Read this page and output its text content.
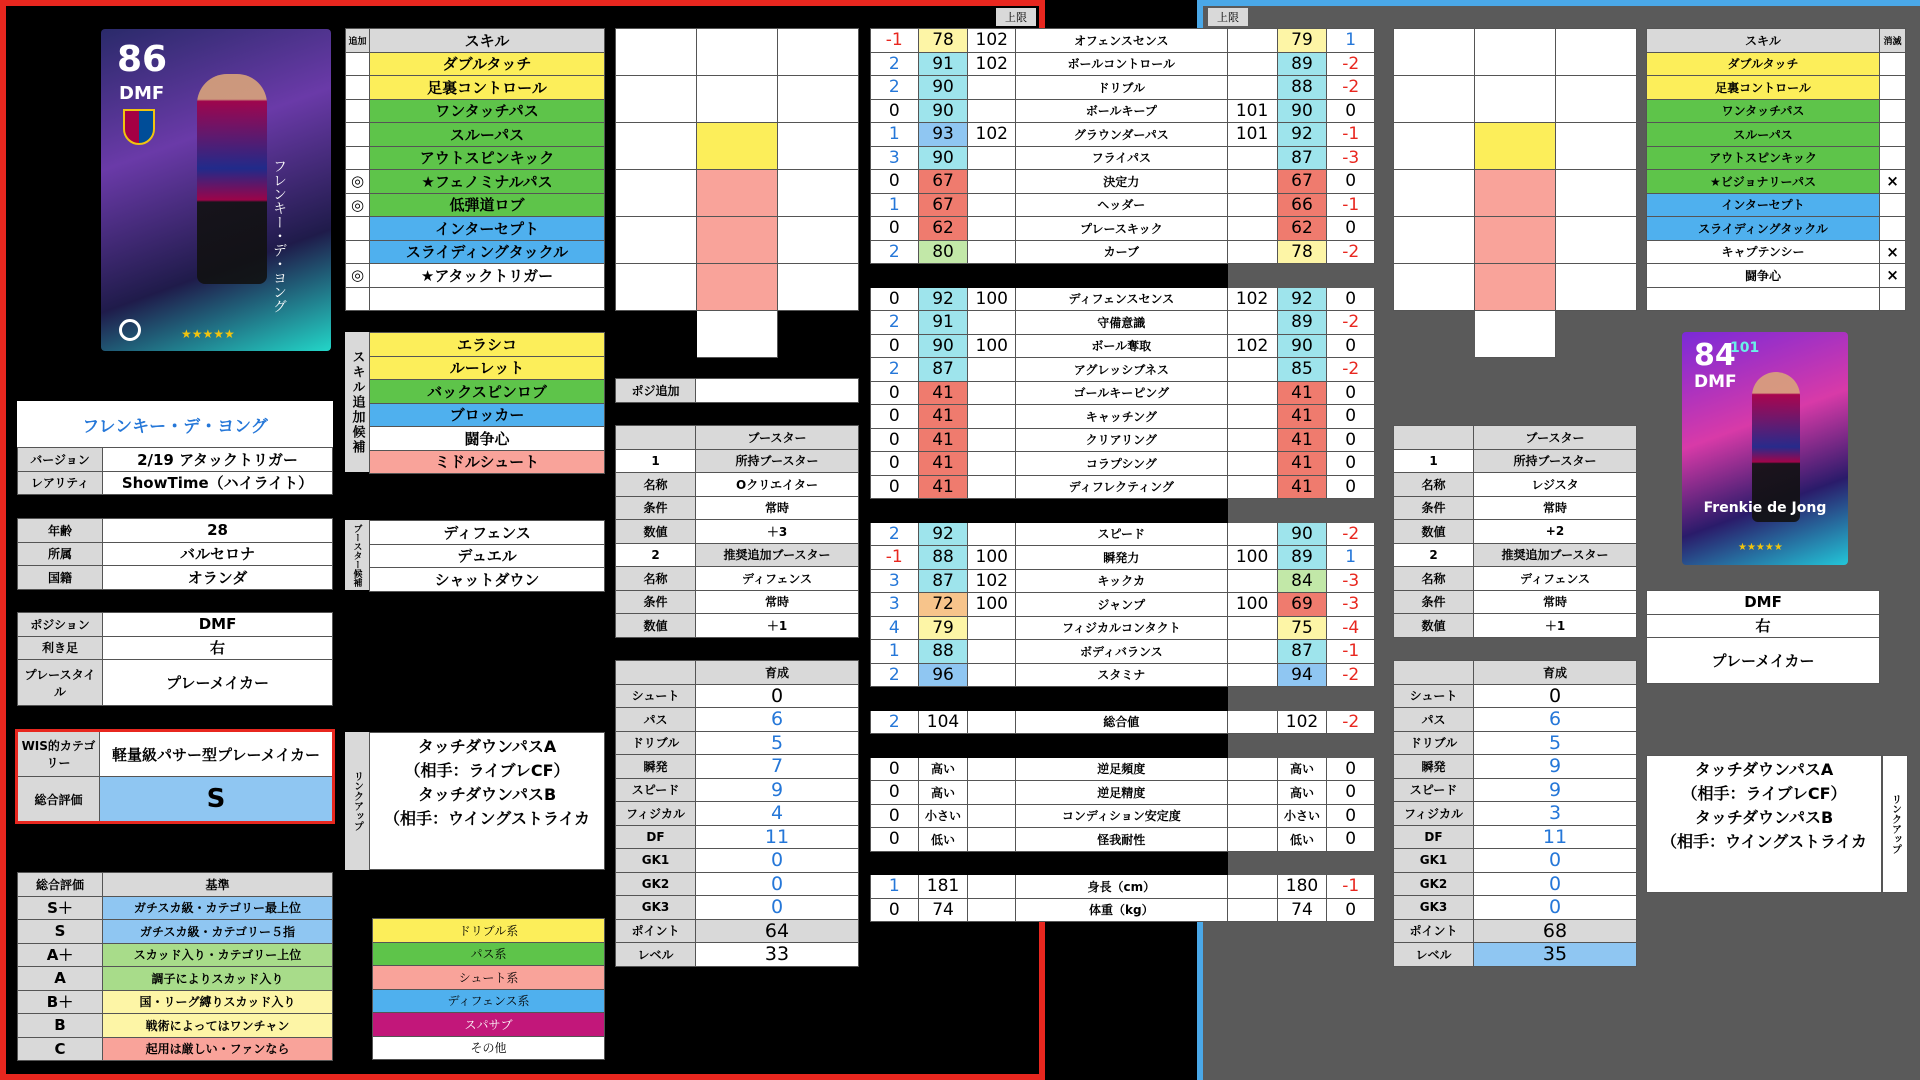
86
DMF
フレンキー・デ・ヨング
★★★★★
フレンキー・デ・ヨング
バージョン	2/19 アタックトリガー
レアリティ	ShowTime（ハイライト）
年齢	28
所属	バルセロナ
国籍	オランダ
ポジション	DMF
利き足	右
プレースタイル	プレーメイカー
WIS的カテゴリー	軽量級パサー型プレーメイカー
総合評価	S
総合評価	基準
S＋	ガチスカ級・カテゴリー最上位
S	ガチスカ級・カテゴリー５指
A＋	スカッド入り・カテゴリー上位
A	調子によりスカッド入り
B＋	国・リーグ縛りスカッド入り
B	戦術によってはワンチャン
C	起用は厳しい・ファンなら
追加	スキル
	ダブルタッチ
	足裏コントロール
	ワンタッチパス
	スルーパス
	アウトスピンキック
◎	★フェノミナルパス
◎	低弾道ロブ
	インターセプト
	スライディングタックル
◎	★アタックトリガー

スキル追加候補
エラシコ
ルーレット
バックスピンロブ
ブロッカー
闘争心
ミドルシュート
ブースター候補	ディフェンス
デュエル
シャットダウン
リンクアップ
タッチダウンパスA
（相手：ライブレCF）
タッチダウンパスB
（相手：ウイングストライカ
ドリブル系
パス系
シュート系
ディフェンス系
スパサブ
その他

ポジ追加	
	ブースター
1	所持ブースター
名称	Oクリエイター
条件	常時
数値	＋3
2	推奨追加ブースター
名称	ディフェンス
条件	常時
数値	＋1
	育成
シュート	0
パス	6
ドリブル	5
瞬発	7
スピード	9
フィジカル	4
DF	11
GK1	0
GK2	0
GK3	0
ポイント	64
レベル	33
上限	上限
-1	78	102	オフェンスセンス		79	1
2	91	102	ボールコントロール		89	-2
2	90		ドリブル		88	-2
0	90		ボールキープ	101	90	0
1	93	102	グラウンダーパス	101	92	-1
3	90		フライパス		87	-3
0	67		決定力		67	0
1	67		ヘッダー		66	-1
0	62		プレースキック		62	0
2	80		カーブ		78	-2

0	92	100	ディフェンスセンス	102	92	0
2	91		守備意識		89	-2
0	90	100	ボール奪取	102	90	0
2	87		アグレッシブネス		85	-2
0	41		ゴールキーピング		41	0
0	41		キャッチング		41	0
0	41		クリアリング		41	0
0	41		コラプシング		41	0
0	41		ディフレクティング		41	0

2	92		スピード		90	-2
-1	88	100	瞬発力	100	89	1
3	87	102	キックカ		84	-3
3	72	100	ジャンプ	100	69	-3
4	79		フィジカルコンタクト		75	-4
1	88		ボディバランス		87	-1
2	96		スタミナ		94	-2

2	104		総合値		102	-2

0	高い		逆足頻度		高い	0
0	高い		逆足精度		高い	0
0	小さい		コンディション安定度		小さい	0
0	低い		怪我耐性		低い	0

1	181		身長（cm）		180	-1
0	74		体重（kg）		74	0
84
101
DMF
Frenkie de Jong
★★★★★

スキル	消滅
ダブルタッチ	
足裏コントロール	
ワンタッチパス	
スルーパス	
アウトスピンキック	
★ビジョナリーパス	×
インターセプト	
スライディングタックル	
キャプテンシー	×
闘争心	×

DMF
右
プレーメイカー
	ブースター
1	所持ブースター
名称	レジスタ
条件	常時
数値	+2
2	推奨追加ブースター
名称	ディフェンス
条件	常時
数値	＋1
	育成
シュート	0
パス	6
ドリブル	5
瞬発	9
スピード	9
フィジカル	3
DF	11
GK1	0
GK2	0
GK3	0
ポイント	68
レベル	35
タッチダウンパスA
（相手：ライブレCF）
タッチダウンパスB
（相手：ウイングストライカ	リンクアップ
